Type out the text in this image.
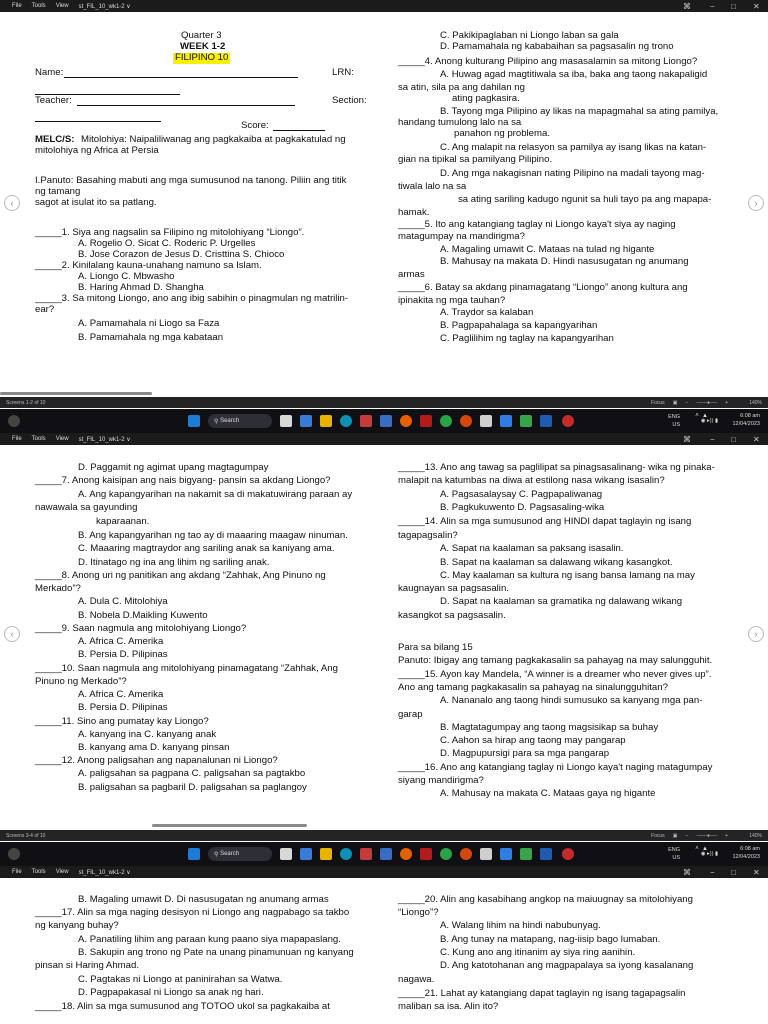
File Tools View st_FIL_10_wk1-2 ∨	⌘ − □ ✕
Quarter 3
WEEK 1-2
FILIPINO 10
Name:	LRN:
Teacher:	Section:
Score:
MELC/S: Mitolohiya: Naipaliliwanag ang pagkakaiba at pagkakatulad ng
mitolohiya ng Africa at Persia
I.Panuto: Basahing mabuti ang mga sumusunod na tanong. Piliin ang titik
ng tamang
sagot at isulat ito sa patlang.
_____1. Siya ang nagsalin sa Filipino ng mitolohiyang “Liongo”.
A. Rogelio O. Sicat C. Roderic P. Urgelles
B. Jose Corazon de Jesus D. Cristtina S. Chioco
_____2. Kinilalang kauna-unahang namuno sa Islam.
A. Liongo C. Mbwasho
B. Haring Ahmad D. Shangha
_____3. Sa mitong Liongo, ano ang ibig sabihin o pinagmulan ng matrilin-
ear?
A. Pamamahala ni Liogo sa Faza
B. Pamamahala ng mga kabataan
C. Pakikipaglaban ni Liongo laban sa gala
D. Pamamahala ng kababaihan sa pagsasalin ng trono
_____4. Anong kulturang Pilipino ang masasalamin sa mitong Liongo?
A. Huwag agad magtitiwala sa iba, baka ang taong nakapaligid
sa atin, sila pa ang dahilan ng
ating pagkasira.
B. Tayong mga Pilipino ay likas na mapagmahal sa ating pamilya,
handang tumulong lalo na sa
panahon ng problema.
C. Ang malapit na relasyon sa pamilya ay isang likas na katan-
gian na tipikal sa pamilyang Pilipino.
D. Ang mga nakagisnan nating Pilipino na madali tayong mag-
tiwala lalo na sa
sa ating sariling kadugo ngunit sa huli tayo pa ang mapapa-
hamak.
_____5. Ito ang katangiang taglay ni Liongo kaya't siya ay naging
matagumpay na mandirigma?
A. Magaling umawit C. Mataas na tulad ng higante
B. Mahusay na makata D. Hindi nasusugatan ng anumang
armas
_____6. Batay sa akdang pinamagatang “Liongo” anong kultura ang
ipinakita ng mga tauhan?
A. Traydor sa kalaban
B. Pagpapahalaga sa kapangyarihan
C. Paglilihim ng taglay na kapangyarihan
‹	›
Screens 1-2 of 10	Focus ▣ − ───●── +	140%
⚲ Search
˄  ▲
ENG
US
◉ ▸)) ▮
6:08 am
12/04/2023
File Tools View st_FIL_10_wk1-2 ∨	⌘ − □ ✕
D. Paggamit ng agimat upang magtagumpay
_____7. Anong kaisipan ang nais bigyang- pansin sa akdang Liongo?
A. Ang kapangyarihan na nakamit sa di makatuwirang paraan ay
nawawala sa gayunding
kaparaanan.
B. Ang kapangyarihan ng tao ay di maaaring maagaw ninuman.
C. Maaaring magtraydor ang sariling anak sa kaniyang ama.
D. Itinatago ng ina ang lihim ng sariling anak.
_____8. Anong uri ng panitikan ang akdang “Zahhak, Ang Pinuno ng
Merkado”?
A. Dula C. Mitolohiya
B. Nobela D.Maikling Kuwento
_____9. Saan nagmula ang mitolohiyang Liongo?
A. Africa C. Amerika
B. Persia D. Pilipinas
_____10. Saan nagmula ang mitolohiyang pinamagatang “Zahhak, Ang
Pinuno ng Merkado”?
A. Africa C. Amerika
B. Persia D. Pilipinas
_____11. Sino ang pumatay kay Liongo?
A. kanyang ina C. kanyang anak
B. kanyang ama D. kanyang pinsan
_____12. Anong paligsahan ang napanalunan ni Liongo?
A. paligsahan sa pagpana C. paligsahan sa pagtakbo
B. paligsahan sa pagbaril D. paligsahan sa paglangoy
_____13. Ano ang tawag sa paglilipat sa pinagsasalinang- wika ng pinaka-
malapit na katumbas na diwa at estilong nasa wikang isasalin?
A. Pagsasalaysay C. Pagpapaliwanag
B. Pagkukuwento D. Pagsasaling-wika
_____14. Alin sa mga sumusunod ang HINDI dapat taglayin ng isang
tagapagsalin?
A. Sapat na kaalaman sa paksang isasalin.
B. Sapat na kaalaman sa dalawang wikang kasangkot.
C. May kaalaman sa kultura ng isang bansa lamang na may
kaugnayan sa pagsasalin.
D. Sapat na kaalaman sa gramatika ng dalawang wikang
kasangkot sa pagsasalin.
Para sa bilang 15
Panuto: Ibigay ang tamang pagkakasalin sa pahayag na may salungguhit.
_____15. Ayon kay Mandela, “A winner is a dreamer who never gives up”.
Ano ang tamang pagkakasalin sa pahayag na sinalungguhitan?
A. Nananalo ang taong hindi sumusuko sa kanyang mga pan-
garap
B. Magtatagumpay ang taong magsisikap sa buhay
C. Aahon sa hirap ang taong may pangarap
D. Magpupursigi para sa mga pangarap
_____16. Ano ang katangiang taglay ni Liongo kaya't naging matagumpay
siyang mandirigma?
A. Mahusay na makata C. Mataas gaya ng higante
‹	›
Screens 3-4 of 10	Focus ▣ − ───●── +	140%
⚲ Search
˄  ▲
ENG
US
◉ ▸)) ▮
6:08 am
12/04/2023
File Tools View st_FIL_10_wk1-2 ∨	⌘ − □ ✕
B. Magaling umawit D. Di nasusugatan ng anumang armas
_____17. Alin sa mga naging desisyon ni Liongo ang nagpabago sa takbo
ng kanyang buhay?
A. Panatiling lihim ang paraan kung paano siya mapapaslang.
B. Sakupin ang trono ng Pate na unang pinamunuan ng kanyang
pinsan si Haring Ahmad.
C. Pagtakas ni Liongo at paninirahan sa Watwa.
D. Pagpapakasal ni Liongo sa anak ng hari.
_____18. Alin sa mga sumusunod ang TOTOO ukol sa pagkakaiba at
_____20. Alin ang kasabihang angkop na maiuugnay sa mitolohiyang
“Liongo”?
A. Walang lihim na hindi nabubunyag.
B. Ang tunay na matapang, nag-iisip bago lumaban.
C. Kung ano ang itinanim ay siya ring aanihin.
D. Ang katotohanan ang magpapalaya sa iyong kasalanang
nagawa.
_____21. Lahat ay katangiang dapat taglayin ng isang tagapagsalin
maliban sa isa. Alin ito?
